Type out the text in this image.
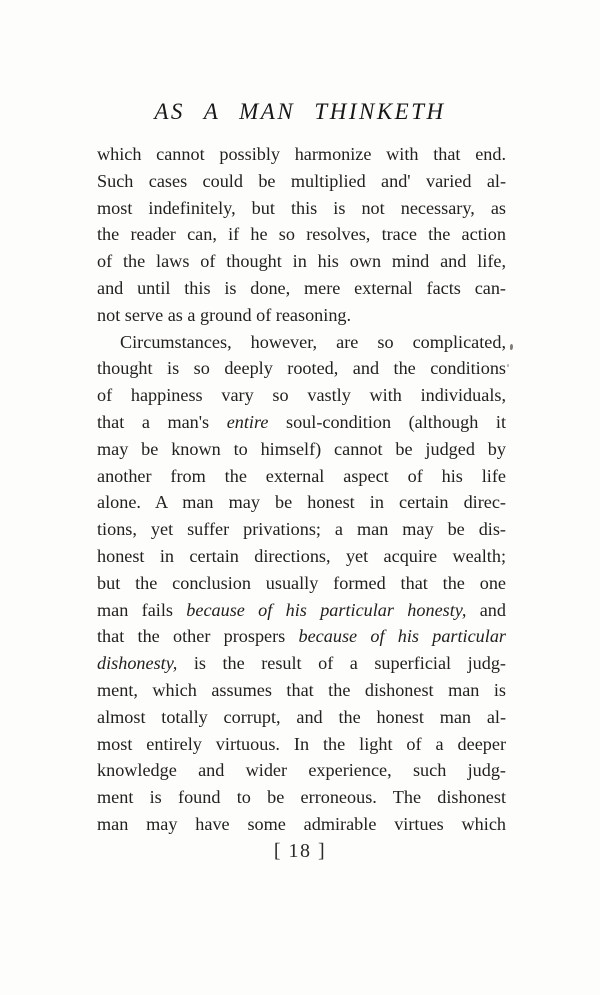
AS A MAN THINKETH
which cannot possibly harmonize with that end.
Such cases could be multiplied and' varied al-
most indefinitely, but this is not necessary, as
the reader can, if he so resolves, trace the action
of the laws of thought in his own mind and life,
and until this is done, mere external facts can-
not serve as a ground of reasoning.
Circumstances, however, are so complicated,
thought is so deeply rooted, and the conditions
of happiness vary so vastly with individuals,
that a man's entire soul-condition (although it
may be known to himself) cannot be judged by
another from the external aspect of his life
alone. A man may be honest in certain direc-
tions, yet suffer privations; a man may be dis-
honest in certain directions, yet acquire wealth;
but the conclusion usually formed that the one
man fails because of his particular honesty, and
that the other prospers because of his particular
dishonesty, is the result of a superficial judg-
ment, which assumes that the dishonest man is
almost totally corrupt, and the honest man al-
most entirely virtuous. In the light of a deeper
knowledge and wider experience, such judg-
ment is found to be erroneous. The dishonest
man may have some admirable virtues which
[ 18 ]
